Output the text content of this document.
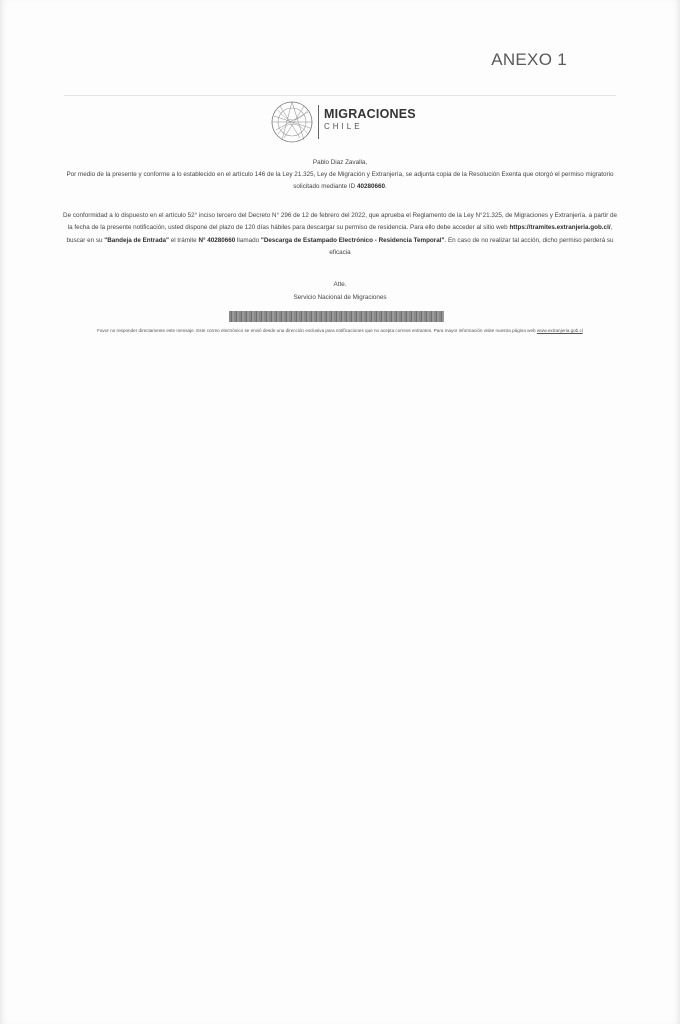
ANEXO 1
MIGRACIONES
CHILE
Pablo Diaz Zavalla,
Por medio de la presente y conforme a lo establecido en el artículo 146 de la Ley 21.325, Ley de Migración y Extranjería, se adjunta copia de la Resolución Exenta que otorgó el permiso migratorio solicitado mediante ID 40280660.
De conformidad a lo dispuesto en el artículo 52° inciso tercero del Decreto N° 296 de 12 de febrero del 2022, que aprueba el Reglamento de la Ley N°21.325, de Migraciones y Extranjería, a partir de la fecha de la presente notificación, usted dispone del plazo de 120 días hábiles para descargar su permiso de residencia. Para ello debe acceder al sitio web https://tramites.extranjeria.gob.cl/, buscar en su "Bandeja de Entrada" el trámite N° 40280660 llamado "Descarga de Estampado Electrónico - Residencia Temporal". En caso de no realizar tal acción, dicho permiso perderá su eficacia
Atte.
Servicio Nacional de Migraciones
Favor no responder directamente este mensaje. Este correo electrónico se envió desde una dirección exclusiva para notificaciones que no acepta correos entrantes. Para mayor información visite nuestra página web www.extranjeria.gob.cl
